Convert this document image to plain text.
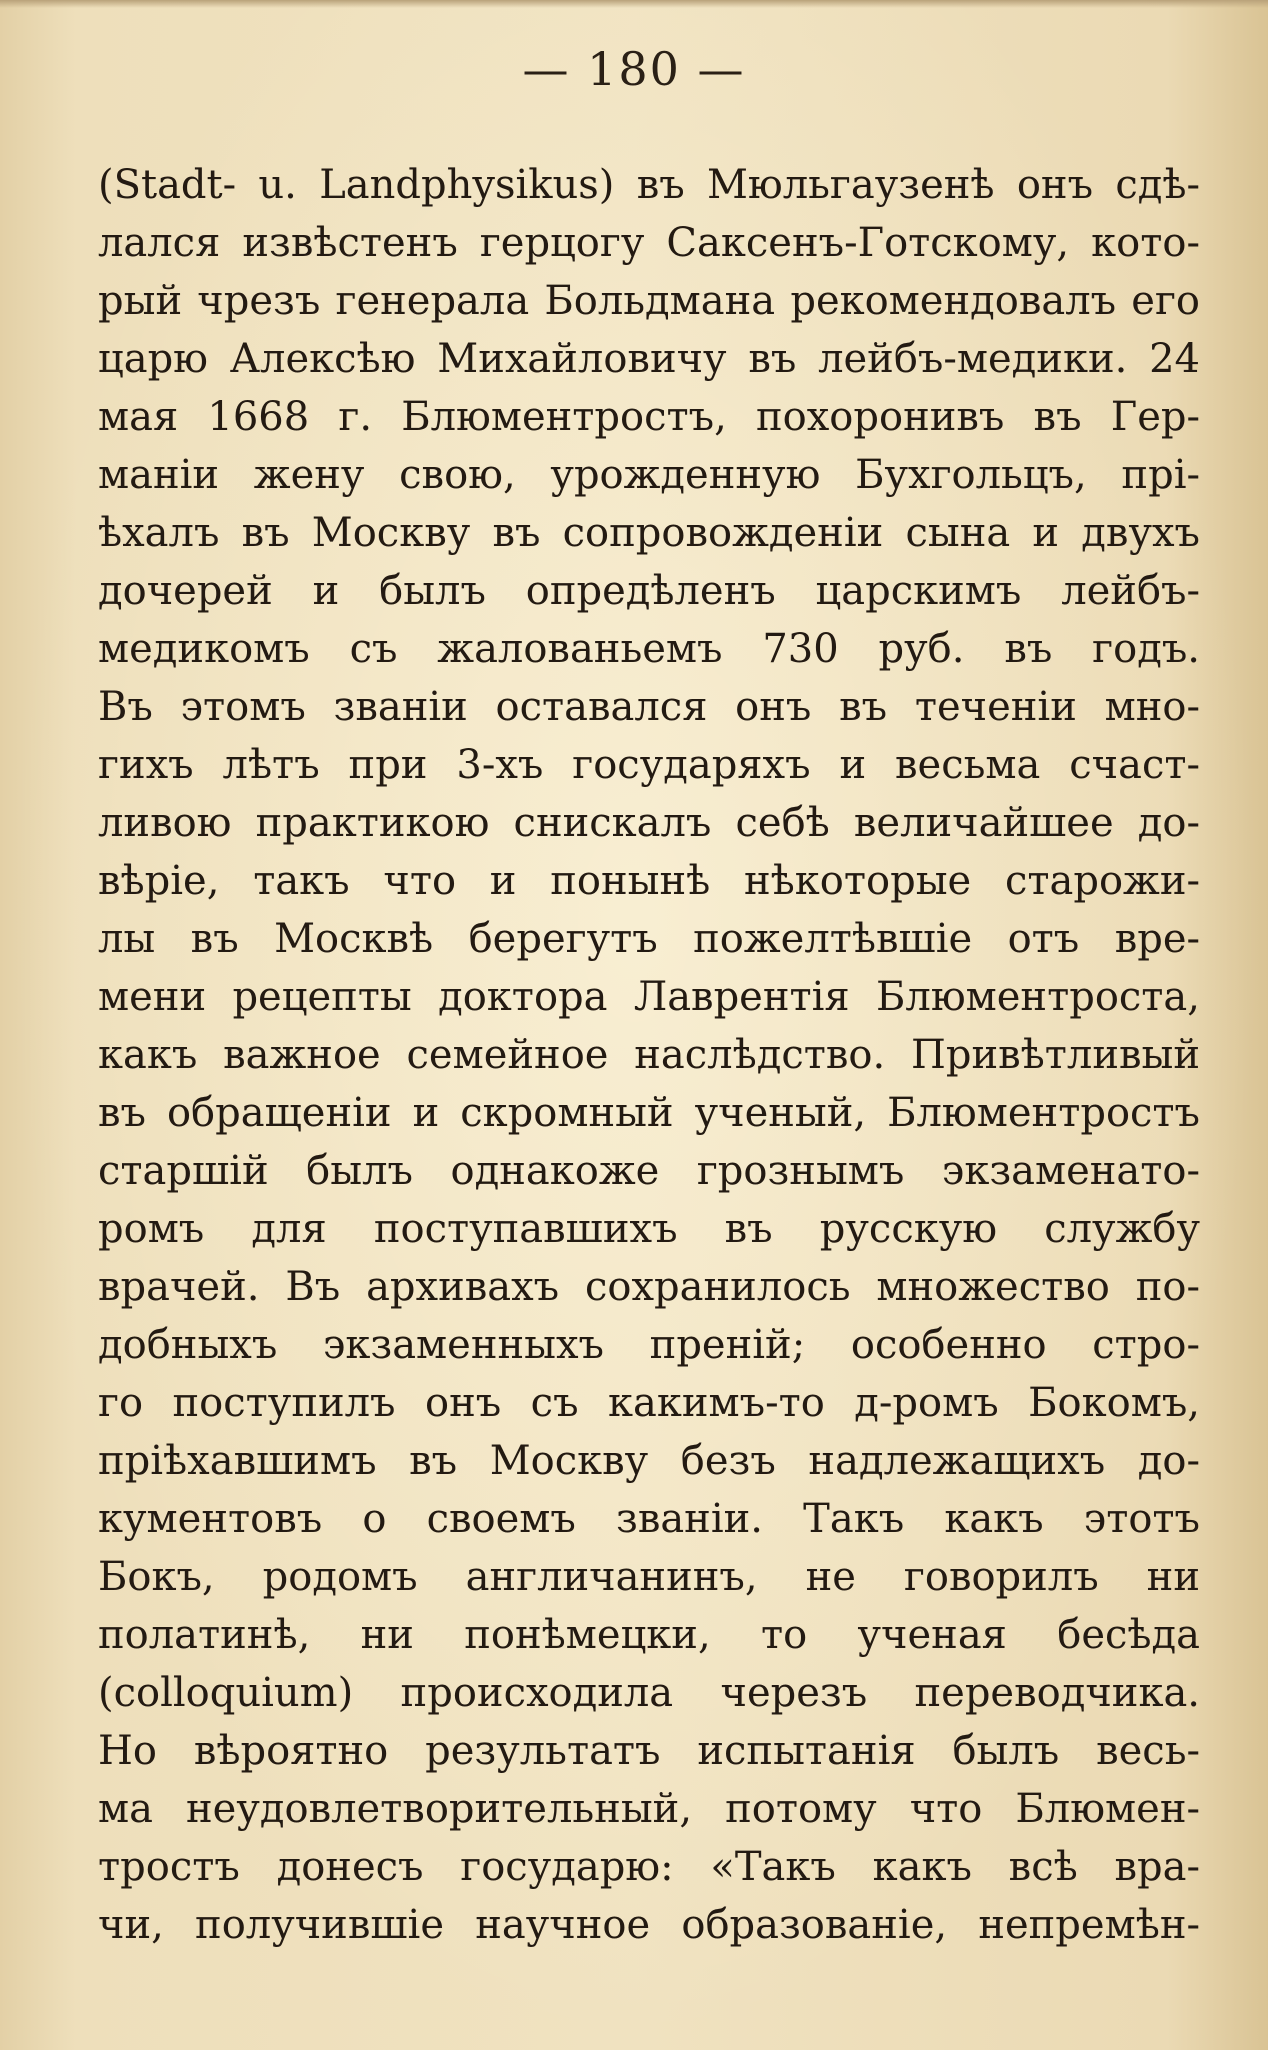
— 180 —
(Stadt- u. Landphysikus) въ Мюльгаузенѣ онъ сдѣ-
лался извѣстенъ герцогу Саксенъ-Готскому, кото-
рый чрезъ генерала Больдмана рекомендовалъ его
царю Алексѣю Михайловичу въ лейбъ-медики. 24
мая 1668 г. Блюментростъ, похоронивъ въ Гер-
маніи жену свою, урожденную Бухгольцъ, прі-
ѣхалъ въ Москву въ сопровожденіи сына и двухъ
дочерей и былъ опредѣленъ царскимъ лейбъ-
медикомъ съ жалованьемъ 730 руб. въ годъ.
Въ этомъ званіи оставался онъ въ теченіи мно-
гихъ лѣтъ при 3-хъ государяхъ и весьма счаст-
ливою практикою снискалъ себѣ величайшее до-
вѣріе, такъ что и понынѣ нѣкоторые старожи-
лы въ Москвѣ берегутъ пожелтѣвшіе отъ вре-
мени рецепты доктора Лаврентія Блюментроста,
какъ важное семейное наслѣдство. Привѣтливый
въ обращеніи и скромный ученый, Блюментростъ
старшій былъ однакоже грознымъ экзаменато-
ромъ для поступавшихъ въ русскую службу
врачей. Въ архивахъ сохранилось множество по-
добныхъ экзаменныхъ преній; особенно стро-
го поступилъ онъ съ какимъ-то д-ромъ Бокомъ,
пріѣхавшимъ въ Москву безъ надлежащихъ до-
кументовъ о своемъ званіи. Такъ какъ этотъ
Бокъ, родомъ англичанинъ, не говорилъ ни
полатинѣ, ни понѣмецки, то ученая бесѣда
(colloquium) происходила черезъ переводчика.
Но вѣроятно результатъ испытанія былъ весь-
ма неудовлетворительный, потому что Блюмен-
тростъ донесъ государю: «Такъ какъ всѣ вра-
чи, получившіе научное образованіе, непремѣн-
